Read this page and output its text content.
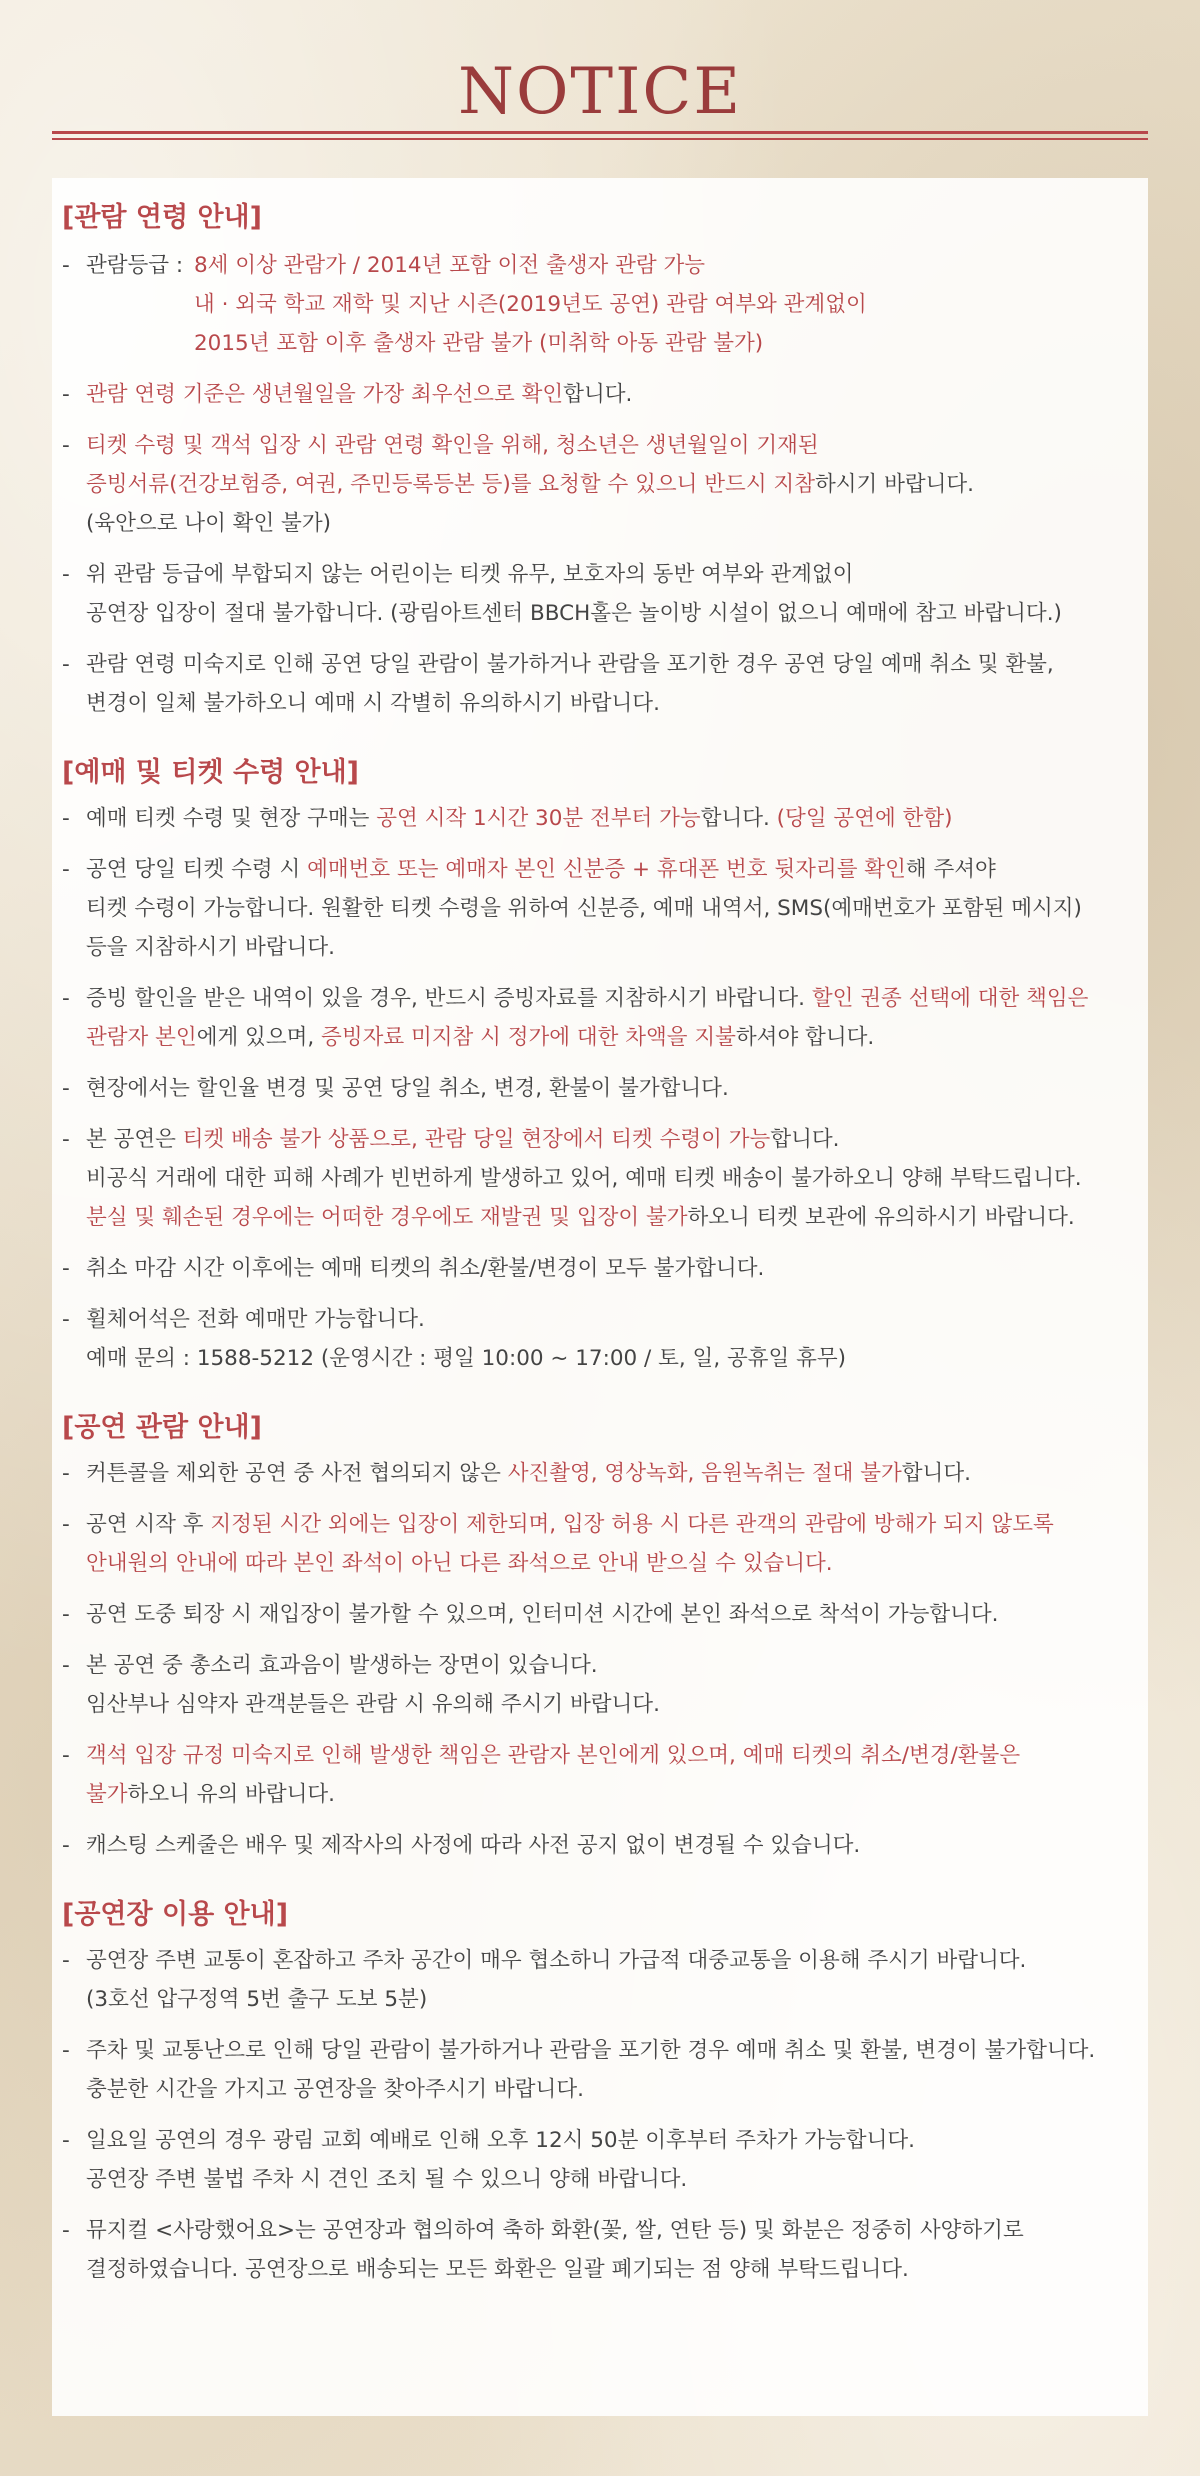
NOTICE
[관람 연령 안내]
- 관람등급 : 8세 이상 관람가 / 2014년 포함 이전 출생자 관람 가능
내 · 외국 학교 재학 및 지난 시즌(2019년도 공연) 관람 여부와 관계없이
2015년 포함 이후 출생자 관람 불가 (미취학 아동 관람 불가)
- 관람 연령 기준은 생년월일을 가장 최우선으로 확인합니다.
- 티켓 수령 및 객석 입장 시 관람 연령 확인을 위해, 청소년은 생년월일이 기재된
증빙서류(건강보험증, 여권, 주민등록등본 등)를 요청할 수 있으니 반드시 지참하시기 바랍니다.
(육안으로 나이 확인 불가)
- 위 관람 등급에 부합되지 않는 어린이는 티켓 유무, 보호자의 동반 여부와 관계없이
공연장 입장이 절대 불가합니다. (광림아트센터 BBCH홀은 놀이방 시설이 없으니 예매에 참고 바랍니다.)
- 관람 연령 미숙지로 인해 공연 당일 관람이 불가하거나 관람을 포기한 경우 공연 당일 예매 취소 및 환불,
변경이 일체 불가하오니 예매 시 각별히 유의하시기 바랍니다.
[예매 및 티켓 수령 안내]
- 예매 티켓 수령 및 현장 구매는 공연 시작 1시간 30분 전부터 가능합니다. (당일 공연에 한함)
- 공연 당일 티켓 수령 시 예매번호 또는 예매자 본인 신분증 + 휴대폰 번호 뒷자리를 확인해 주셔야
티켓 수령이 가능합니다. 원활한 티켓 수령을 위하여 신분증, 예매 내역서, SMS(예매번호가 포함된 메시지)
등을 지참하시기 바랍니다.
- 증빙 할인을 받은 내역이 있을 경우, 반드시 증빙자료를 지참하시기 바랍니다. 할인 권종 선택에 대한 책임은
관람자 본인에게 있으며, 증빙자료 미지참 시 정가에 대한 차액을 지불하셔야 합니다.
- 현장에서는 할인율 변경 및 공연 당일 취소, 변경, 환불이 불가합니다.
- 본 공연은 티켓 배송 불가 상품으로, 관람 당일 현장에서 티켓 수령이 가능합니다.
비공식 거래에 대한 피해 사례가 빈번하게 발생하고 있어, 예매 티켓 배송이 불가하오니 양해 부탁드립니다.
분실 및 훼손된 경우에는 어떠한 경우에도 재발권 및 입장이 불가하오니 티켓 보관에 유의하시기 바랍니다.
- 취소 마감 시간 이후에는 예매 티켓의 취소/환불/변경이 모두 불가합니다.
- 휠체어석은 전화 예매만 가능합니다.
예매 문의 : 1588-5212 (운영시간 : 평일 10:00 ~ 17:00 / 토, 일, 공휴일 휴무)
[공연 관람 안내]
- 커튼콜을 제외한 공연 중 사전 협의되지 않은 사진촬영, 영상녹화, 음원녹취는 절대 불가합니다.
- 공연 시작 후 지정된 시간 외에는 입장이 제한되며, 입장 허용 시 다른 관객의 관람에 방해가 되지 않도록
안내원의 안내에 따라 본인 좌석이 아닌 다른 좌석으로 안내 받으실 수 있습니다.
- 공연 도중 퇴장 시 재입장이 불가할 수 있으며, 인터미션 시간에 본인 좌석으로 착석이 가능합니다.
- 본 공연 중 총소리 효과음이 발생하는 장면이 있습니다.
임산부나 심약자 관객분들은 관람 시 유의해 주시기 바랍니다.
- 객석 입장 규정 미숙지로 인해 발생한 책임은 관람자 본인에게 있으며, 예매 티켓의 취소/변경/환불은
불가하오니 유의 바랍니다.
- 캐스팅 스케줄은 배우 및 제작사의 사정에 따라 사전 공지 없이 변경될 수 있습니다.
[공연장 이용 안내]
- 공연장 주변 교통이 혼잡하고 주차 공간이 매우 협소하니 가급적 대중교통을 이용해 주시기 바랍니다.
(3호선 압구정역 5번 출구 도보 5분)
- 주차 및 교통난으로 인해 당일 관람이 불가하거나 관람을 포기한 경우 예매 취소 및 환불, 변경이 불가합니다.
충분한 시간을 가지고 공연장을 찾아주시기 바랍니다.
- 일요일 공연의 경우 광림 교회 예배로 인해 오후 12시 50분 이후부터 주차가 가능합니다.
공연장 주변 불법 주차 시 견인 조치 될 수 있으니 양해 바랍니다.
- 뮤지컬 <사랑했어요>는 공연장과 협의하여 축하 화환(꽃, 쌀, 연탄 등) 및 화분은 정중히 사양하기로
결정하였습니다. 공연장으로 배송되는 모든 화환은 일괄 폐기되는 점 양해 부탁드립니다.
